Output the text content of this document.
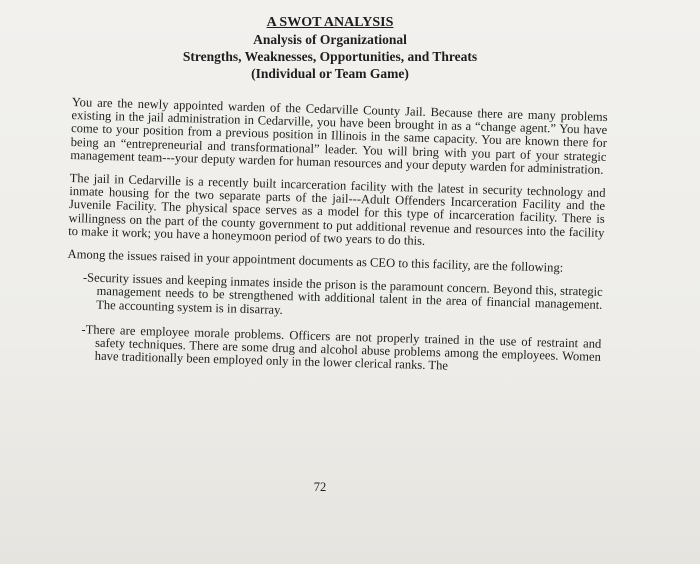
A SWOT ANALYSIS
Analysis of Organizational
Strengths, Weaknesses, Opportunities, and Threats
(Individual or Team Game)

You are the newly appointed warden of the Cedarville County Jail. Because there are many problems existing in the jail administration in Cedarville, you have been brought in as a “change agent.” You have come to your position from a previous position in Illinois in the same capacity. You are known there for being an “entrepreneurial and transformational” leader. You will bring with you part of your strategic management team---your deputy warden for human resources and your deputy warden for administration.

The jail in Cedarville is a recently built incarceration facility with the latest in security technology and inmate housing for the two separate parts of the jail---Adult Offenders Incarceration Facility and the Juvenile Facility. The physical space serves as a model for this type of incarceration facility. There is willingness on the part of the county government to put additional revenue and resources into the facility to make it work; you have a honeymoon period of two years to do this.

Among the issues raised in your appointment documents as CEO to this facility, are the following:

-Security issues and keeping inmates inside the prison is the paramount concern. Beyond this, strategic management needs to be strengthened with additional talent in the area of financial management. The accounting system is in disarray.

-There are employee morale problems. Officers are not properly trained in the use of restraint and safety techniques. There are some drug and alcohol abuse problems among the employees. Women have traditionally been employed only in the lower clerical ranks. The

72
